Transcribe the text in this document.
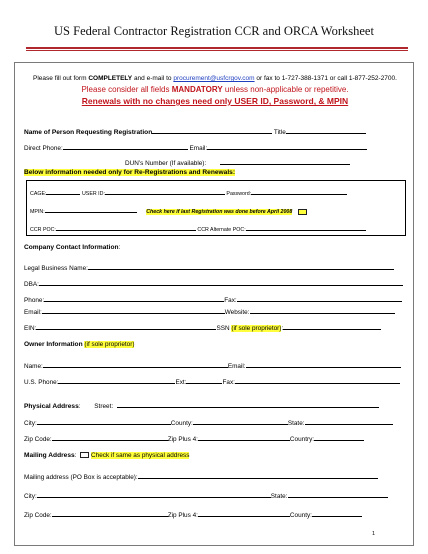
US Federal Contractor Registration CCR and ORCA Worksheet
Please fill out form COMPLETELY and e-mail to procurement@usfcrgov.com or fax to 1-727-388-1371 or call 1-877-252-2700. Please consider all fields MANDATORY unless non-applicable or repetitive.
Renewals with no changes need only USER ID, Password, & MPIN
Name of Person Requesting Registration	Title
Direct Phone:	Email:
DUN’s Number (If available):
Below information needed only for Re-Registrations and Renewals:
CAGE:	USER ID:	Password:
MPIN:	Check here if last Registration was done before April 2008
CCR POC:	CCR Alternate POC:
Company Contact Information:
Legal Business Name:
DBA:
Phone:	Fax:
Email:	Website:
EIN:	SSN (if sole proprietor):
Owner Information (if sole proprietor)
Name:	Email:
U.S. Phone:	Ext:	Fax:
Physical Address: Street:
City:	County:	State:
Zip Code:	Zip Plus 4:	Country:
Mailing Address: Check if same as physical address
Mailing address (PO Box is acceptable):
City:	State:
Zip Code:	Zip Plus 4:	County:
1
